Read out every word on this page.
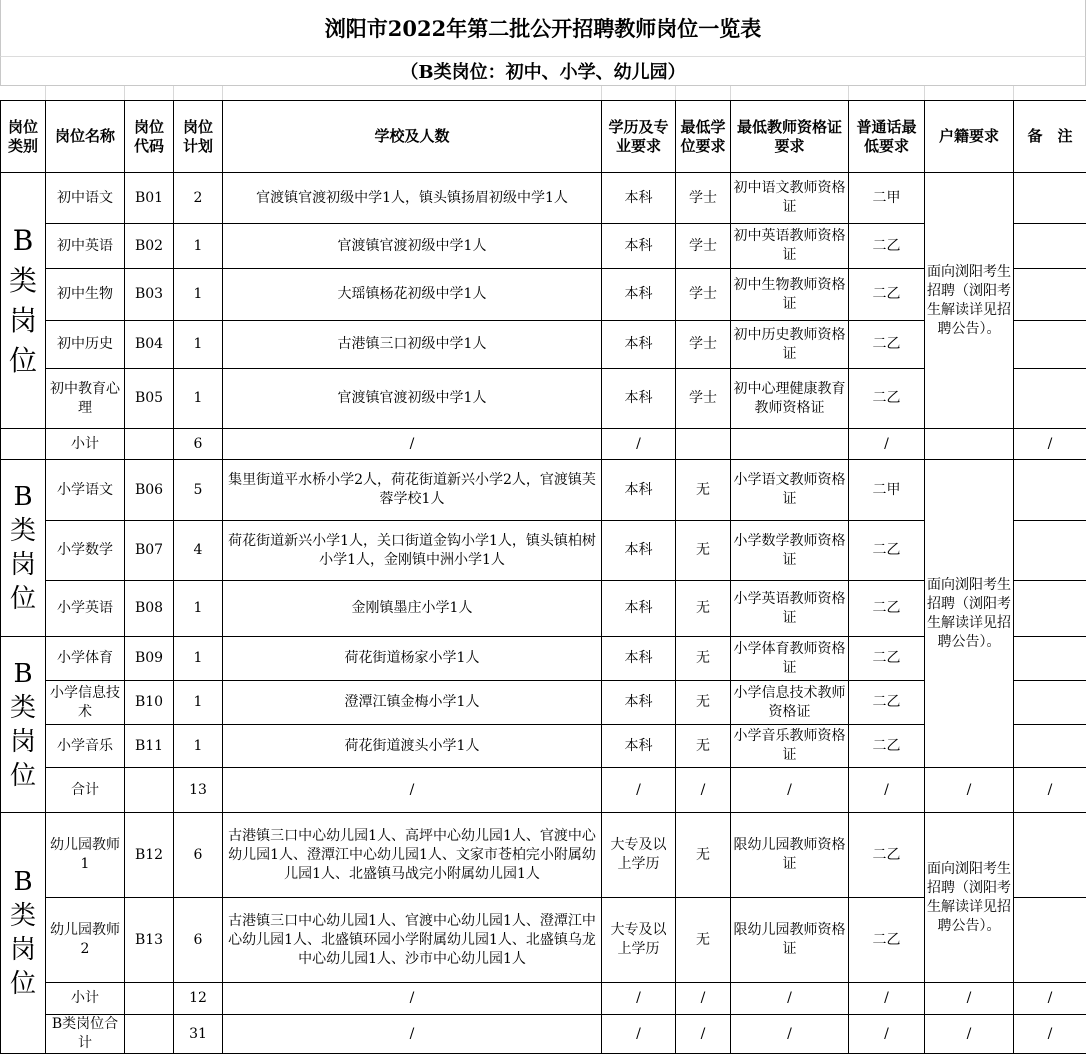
浏阳市2022年第二批公开招聘教师岗位一览表
（B类岗位：初中、小学、幼儿园）
岗位类别	岗位名称	岗位代码	岗位计划	学校及人数	学历及专业要求	最低学位要求	最低教师资格证要求	普通话最低要求	户籍要求	备　注
B类岗位	初中语文	B01	2	官渡镇官渡初级中学1人，镇头镇扬眉初级中学1人	本科	学士	初中语文教师资格证	二甲	面向浏阳考生招聘（浏阳考生解读详见招聘公告）。	
	初中英语	B02	1	官渡镇官渡初级中学1人	本科	学士	初中英语教师资格证	二乙		
	初中生物	B03	1	大瑶镇杨花初级中学1人	本科	学士	初中生物教师资格证	二乙		
	初中历史	B04	1	古港镇三口初级中学1人	本科	学士	初中历史教师资格证	二乙		
	初中教育心理	B05	1	官渡镇官渡初级中学1人	本科	学士	初中心理健康教育教师资格证	二乙		
	小计		6	/	/			/		/
B类岗位	小学语文	B06	5	集里街道平水桥小学2人，荷花街道新兴小学2人，官渡镇芙蓉学校1人	本科	无	小学语文教师资格证	二甲	面向浏阳考生招聘（浏阳考生解读详见招聘公告）。	
	小学数学	B07	4	荷花街道新兴小学1人，关口街道金钩小学1人，镇头镇柏树小学1人，金刚镇中洲小学1人	本科	无	小学数学教师资格证	二乙		
	小学英语	B08	1	金刚镇墨庄小学1人	本科	无	小学英语教师资格证	二乙		
B类岗位	小学体育	B09	1	荷花街道杨家小学1人	本科	无	小学体育教师资格证	二乙		
	小学信息技术	B10	1	澄潭江镇金梅小学1人	本科	无	小学信息技术教师资格证	二乙		
	小学音乐	B11	1	荷花街道渡头小学1人	本科	无	小学音乐教师资格证	二乙		
	合计		13	/	/	/	/	/	/	/
B类岗位	幼儿园教师1	B12	6	古港镇三口中心幼儿园1人、高坪中心幼儿园1人、官渡中心幼儿园1人、澄潭江中心幼儿园1人、文家市苍柏完小附属幼儿园1人、北盛镇马战完小附属幼儿园1人	大专及以上学历	无	限幼儿园教师资格证	二乙	面向浏阳考生招聘（浏阳考生解读详见招聘公告）。	
	幼儿园教师2	B13	6	古港镇三口中心幼儿园1人、官渡中心幼儿园1人、澄潭江中心幼儿园1人、北盛镇环园小学附属幼儿园1人、北盛镇乌龙中心幼儿园1人、沙市中心幼儿园1人	大专及以上学历	无	限幼儿园教师资格证	二乙		
	小计		12	/	/	/	/	/	/	/
	B类岗位合计		31	/	/	/	/	/	/	/
